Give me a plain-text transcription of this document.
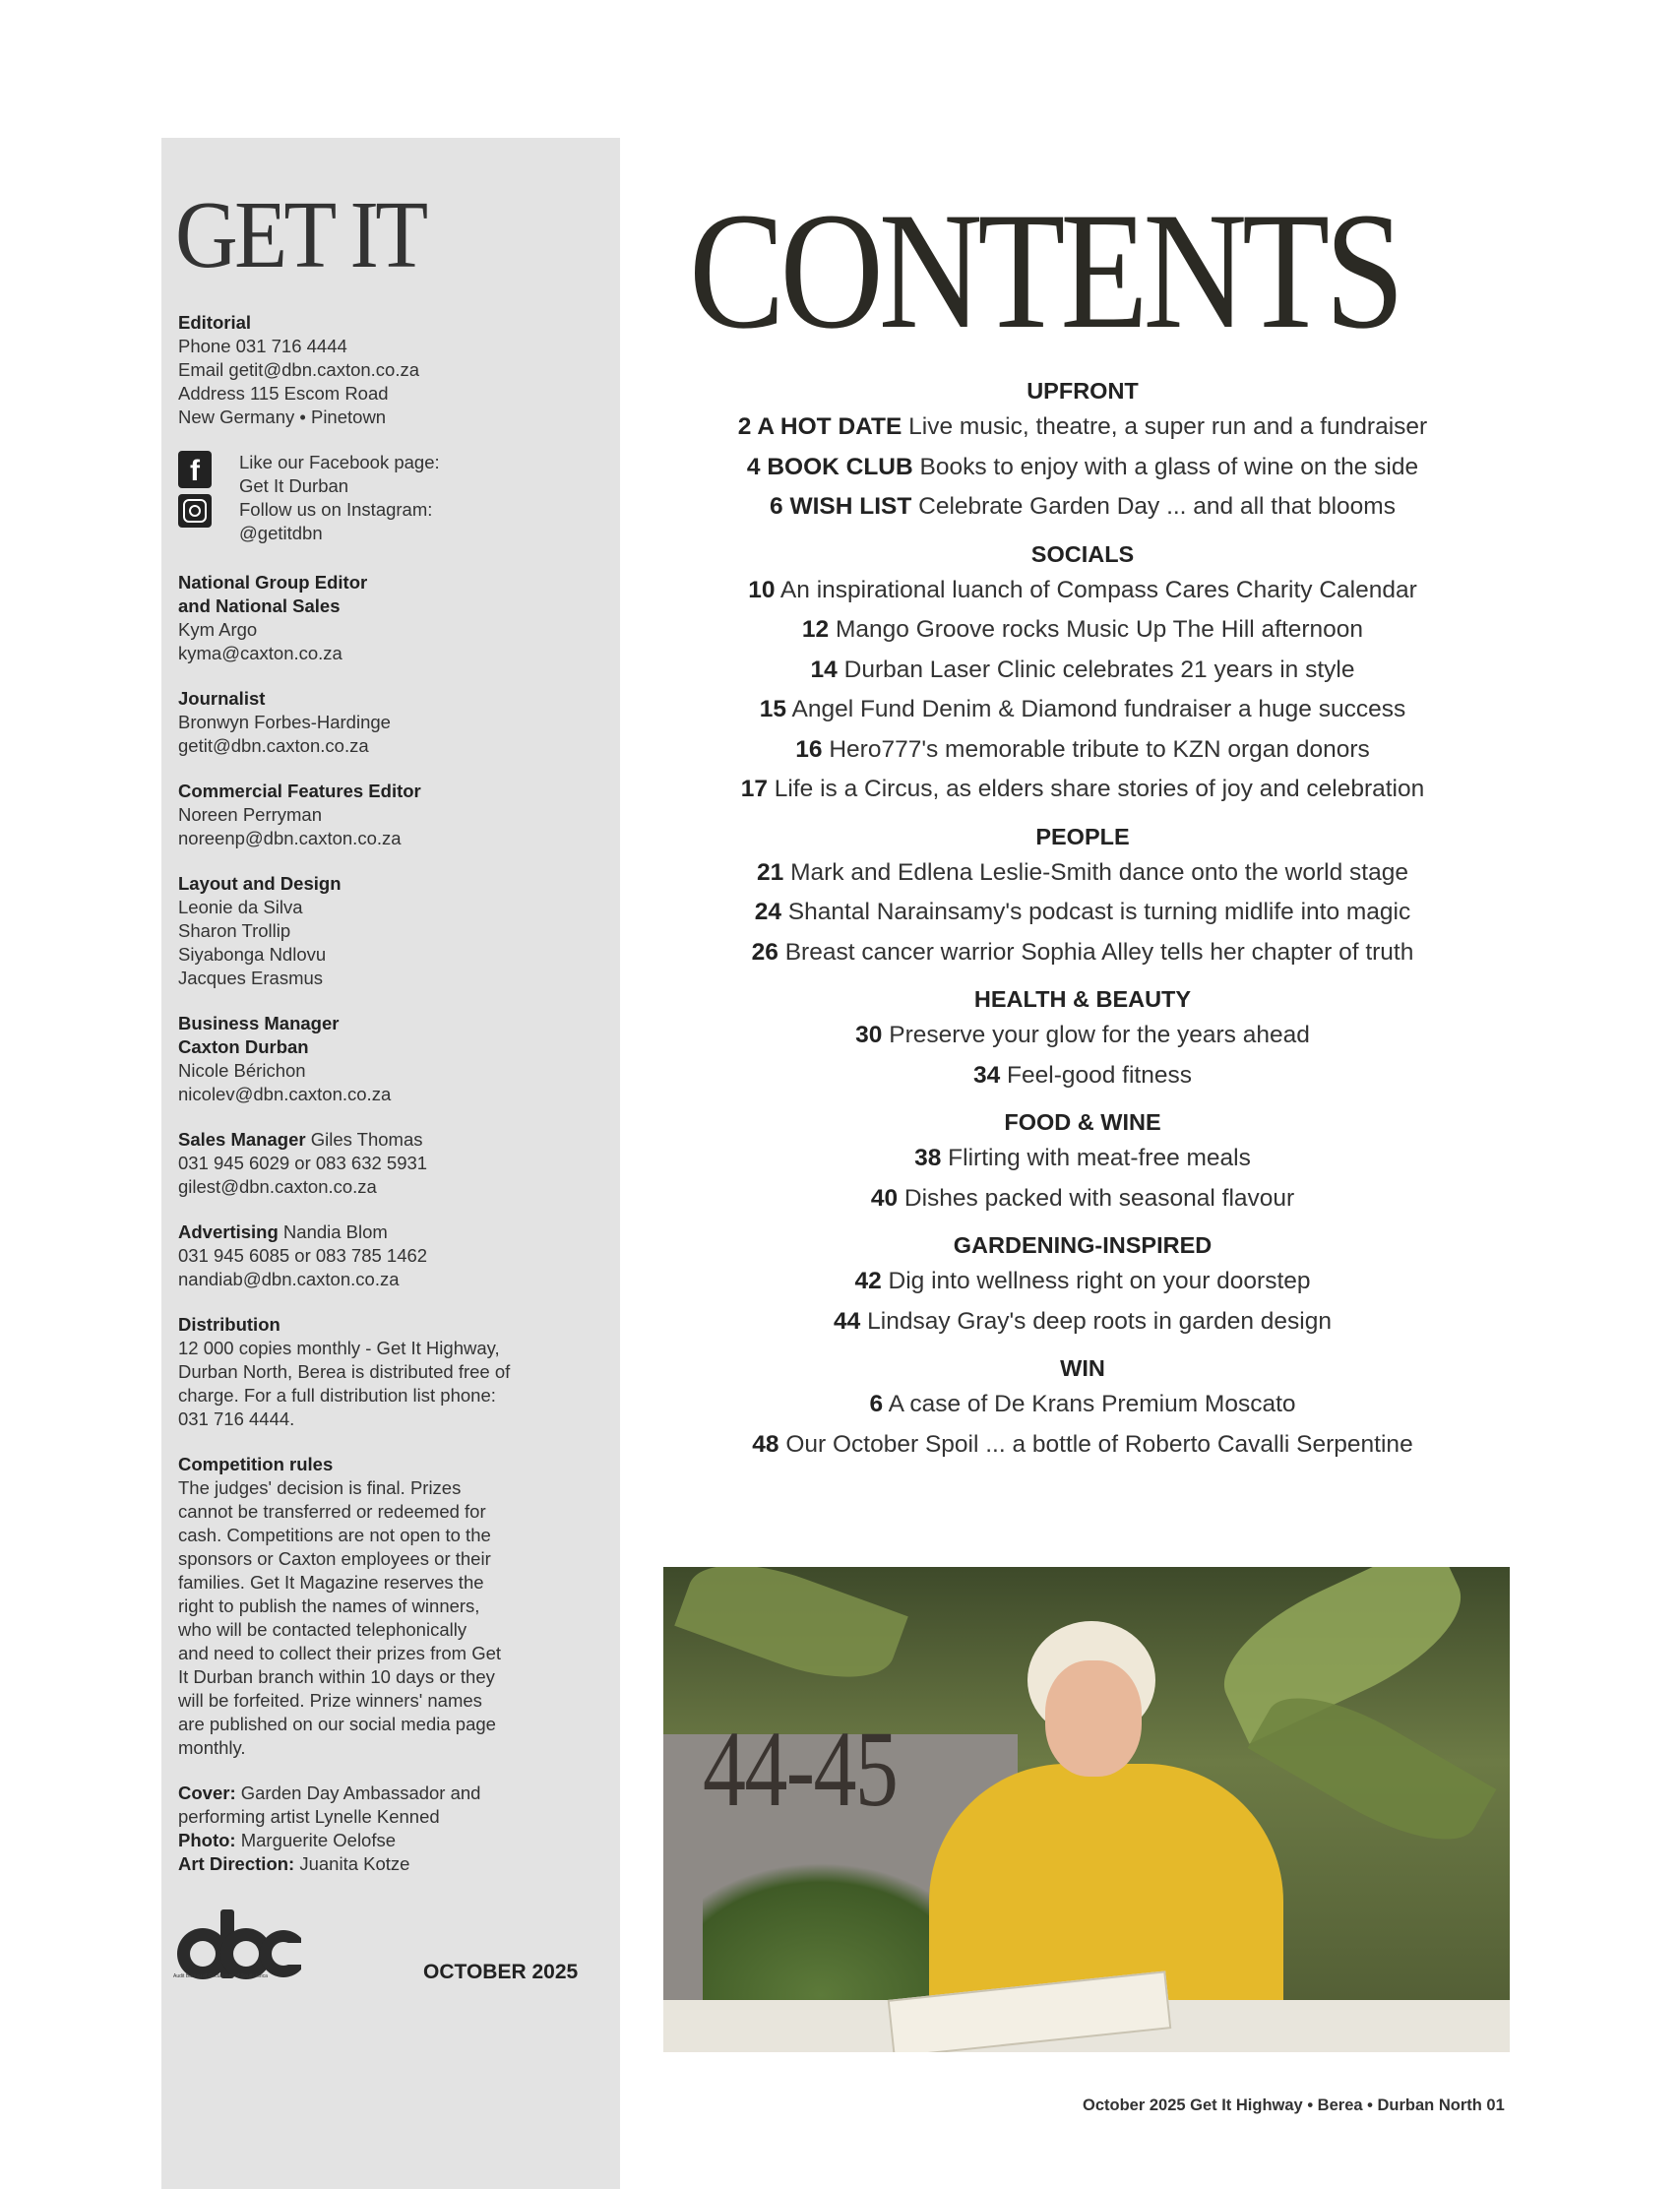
GET IT
Editorial
Phone 031 716 4444
Email getit@dbn.caxton.co.za
Address 115 Escom Road
New Germany • Pinetown
f	Like our Facebook page:
Get It Durban
Follow us on Instagram:
@getitdbn
National Group Editor
and National Sales
Kym Argo
kyma@caxton.co.za
Journalist
Bronwyn Forbes-Hardinge
getit@dbn.caxton.co.za
Commercial Features Editor
Noreen Perryman
noreenp@dbn.caxton.co.za
Layout and Design
Leonie da Silva
Sharon Trollip
Siyabonga Ndlovu
Jacques Erasmus
Business Manager
Caxton Durban
Nicole Bérichon
nicolev@dbn.caxton.co.za
Sales Manager Giles Thomas
031 945 6029 or 083 632 5931
gilest@dbn.caxton.co.za
Advertising Nandia Blom
031 945 6085 or 083 785 1462
nandiab@dbn.caxton.co.za
Distribution
12 000 copies monthly - Get It Highway,
Durban North, Berea is distributed free of
charge. For a full distribution list phone:
031 716 4444.
Competition rules
The judges' decision is final. Prizes
cannot be transferred or redeemed for
cash. Competitions are not open to the
sponsors or Caxton employees or their
families. Get It Magazine reserves the
right to publish the names of winners,
who will be contacted telephonically
and need to collect their prizes from Get
It Durban branch within 10 days or they
will be forfeited. Prize winners' names
are published on our social media page
monthly.
Cover: Garden Day Ambassador and
performing artist Lynelle Kenned
Photo: Marguerite Oelofse
Art Direction: Juanita Kotze
Audit Bureau of Circulations of South Africa	OCTOBER 2025
CONTENTS
UPFRONT
2 A HOT DATE Live music, theatre, a super run and a fundraiser
4 BOOK CLUB Books to enjoy with a glass of wine on the side
6 WISH LIST Celebrate Garden Day ... and all that blooms
SOCIALS
10 An inspirational luanch of Compass Cares Charity Calendar
12 Mango Groove rocks Music Up The Hill afternoon
14 Durban Laser Clinic celebrates 21 years in style
15 Angel Fund Denim & Diamond fundraiser a huge success
16 Hero777's memorable tribute to KZN organ donors
17 Life is a Circus, as elders share stories of joy and celebration
PEOPLE
21 Mark and Edlena Leslie-Smith dance onto the world stage
24 Shantal Narainsamy's podcast is turning midlife into magic
26 Breast cancer warrior Sophia Alley tells her chapter of truth
HEALTH & BEAUTY
30 Preserve your glow for the years ahead
34 Feel-good fitness
FOOD & WINE
38 Flirting with meat-free meals
40 Dishes packed with seasonal flavour
GARDENING-INSPIRED
42 Dig into wellness right on your doorstep
44 Lindsay Gray's deep roots in garden design
WIN
6 A case of De Krans Premium Moscato
48 Our October Spoil ... a bottle of Roberto Cavalli Serpentine
44-45
October 2025 Get It Highway • Berea • Durban North 01
